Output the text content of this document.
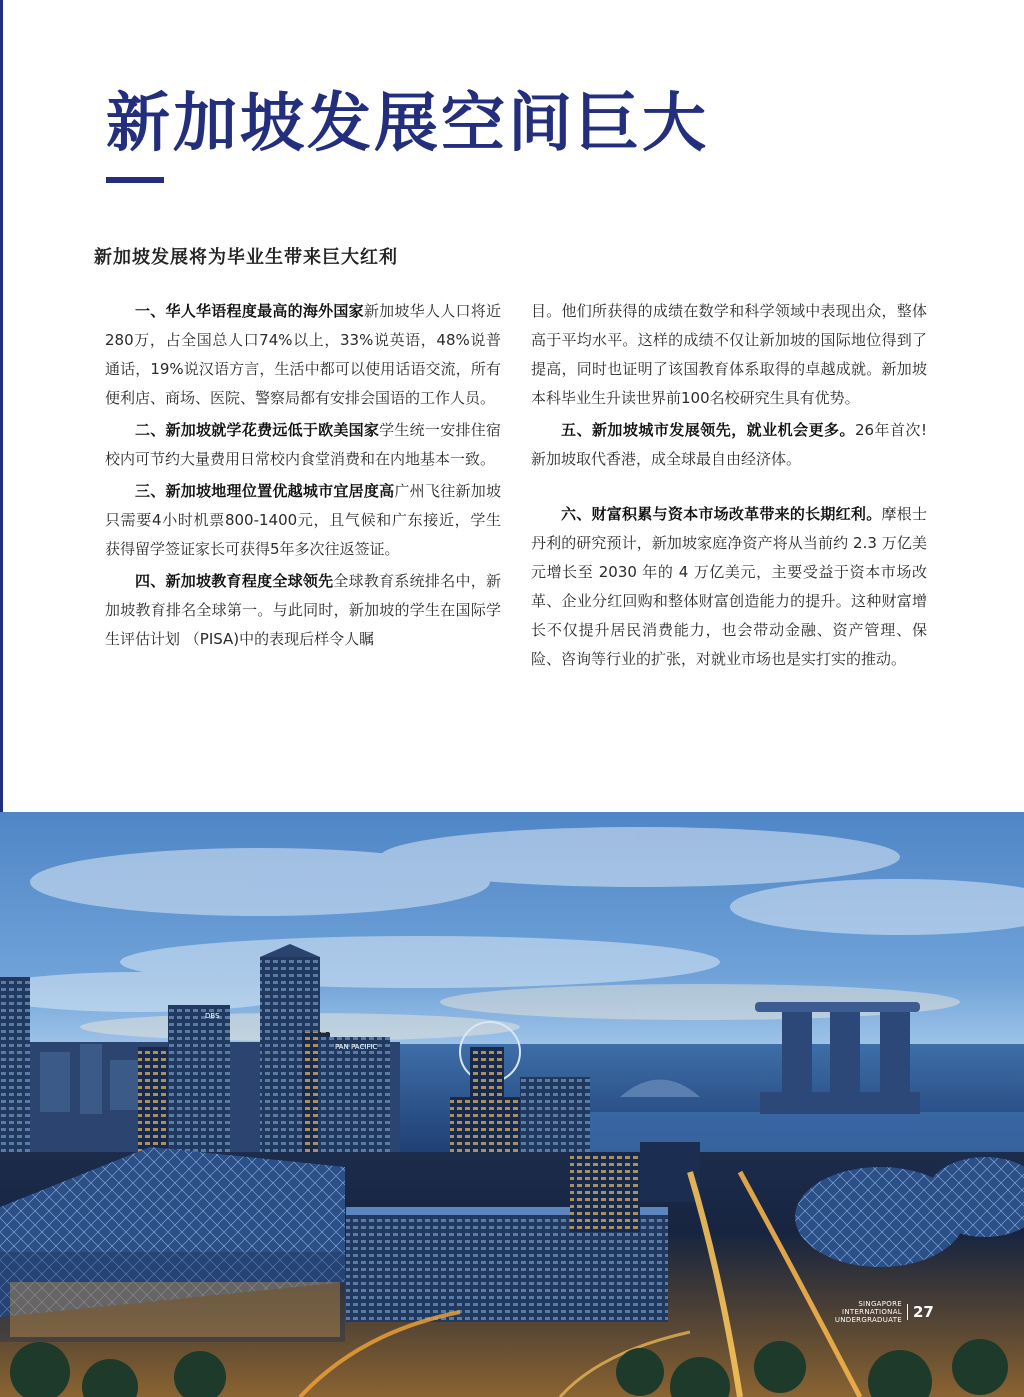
新加坡发展空间巨大
新加坡发展将为毕业生带来巨大红利

一、华人华语程度最高的海外国家新加坡华人人口将近280万，占全国总人口74%以上，33%说英语，48%说普通话，19%说汉语方言，生活中都可以使用话语交流，所有便利店、商场、医院、警察局都有安排会国语的工作人员。

二、新加坡就学花费远低于欧美国家学生统一安排住宿校内可节约大量费用日常校内食堂消费和在内地基本一致。

三、新加坡地理位置优越城市宜居度高广州飞往新加坡只需要4小时机票800-1400元，且气候和广东接近，学生获得留学签证家长可获得5年多次往返签证。

四、新加坡教育程度全球领先全球教育系统排名中，新加坡教育排名全球第一。与此同时，新加坡的学生在国际学生评估计划 （PISA)中的表现后样令人瞩

目。他们所获得的成绩在数学和科学领域中表现出众，整体高于平均水平。这样的成绩不仅让新加坡的国际地位得到了提高，同时也证明了该国教育体系取得的卓越成就。新加坡本科毕业生升读世界前100名校研究生具有优势。

五、新加坡城市发展领先，就业机会更多。26年首次!新加坡取代香港，成全球最自由经济体。

六、财富积累与资本市场改革带来的长期红利。摩根士丹利的研究预计，新加坡家庭净资产将从当前约 2.3 万亿美元增长至 2030 年的 4 万亿美元，主要受益于资本市场改革、企业分红回购和整体财富创造能力的提升。这种财富增长不仅提升居民消费能力，也会带动金融、资产管理、保险、咨询等行业的扩张，对就业市场也是实打实的推动。

PAN PACIFIC
DBS
SINGAPORE INTERNATIONAL
UNDERGRADUATE 27
